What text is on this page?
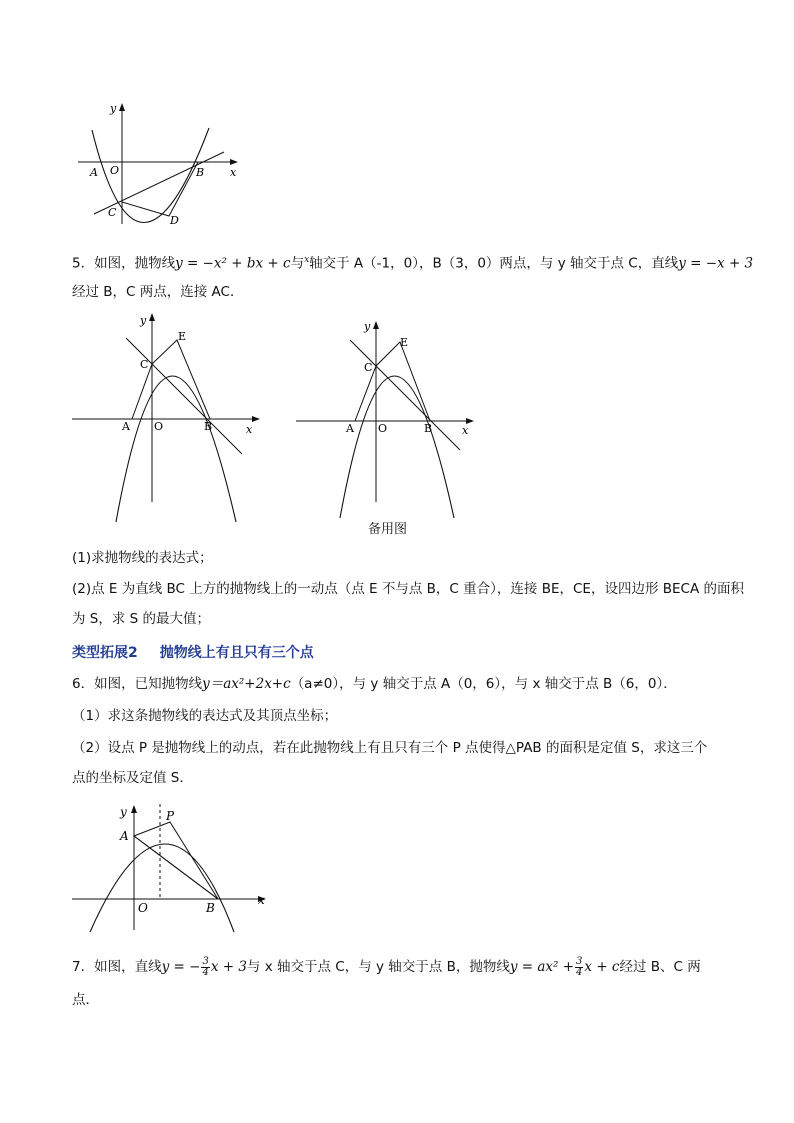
y
x
A O	B
C
D
5．如图，抛物线y = −x² + bx + c与$^x$轴交于 A（-1，0），B（3，0）两点，与 y 轴交于点 C，直线y = −x + 3
经过 B，C 两点，连接 AC．
y
x
A O	B
C
E
y
x
A O	B
C
E
备用图
(1)求抛物线的表达式；
(2)点 E 为直线 BC 上方的抛物线上的一动点（点 E 不与点 B，C 重合），连接 BE，CE，设四边形 BECA 的面积
为 S，求 S 的最大值；
类型拓展2 抛物线上有且只有三个点
6．如图，已知抛物线y＝ax²+2x+c（a≠0），与 y 轴交于点 A（0，6），与 x 轴交于点 B（6，0）．
（1）求这条抛物线的表达式及其顶点坐标；
（2）设点 P 是抛物线上的动点，若在此抛物线上有且只有三个 P 点使得△PAB 的面积是定值 S，求这三个
点的坐标及定值 S．
y
x
A
P
O	B
7．如图，直线y = − $\frac{3}{4}$ x + 3与 x 轴交于点 C，与 y 轴交于点 B，抛物线$y = ax^2 + \frac{3}{4}$ x + c经过 B、C 两
点．
